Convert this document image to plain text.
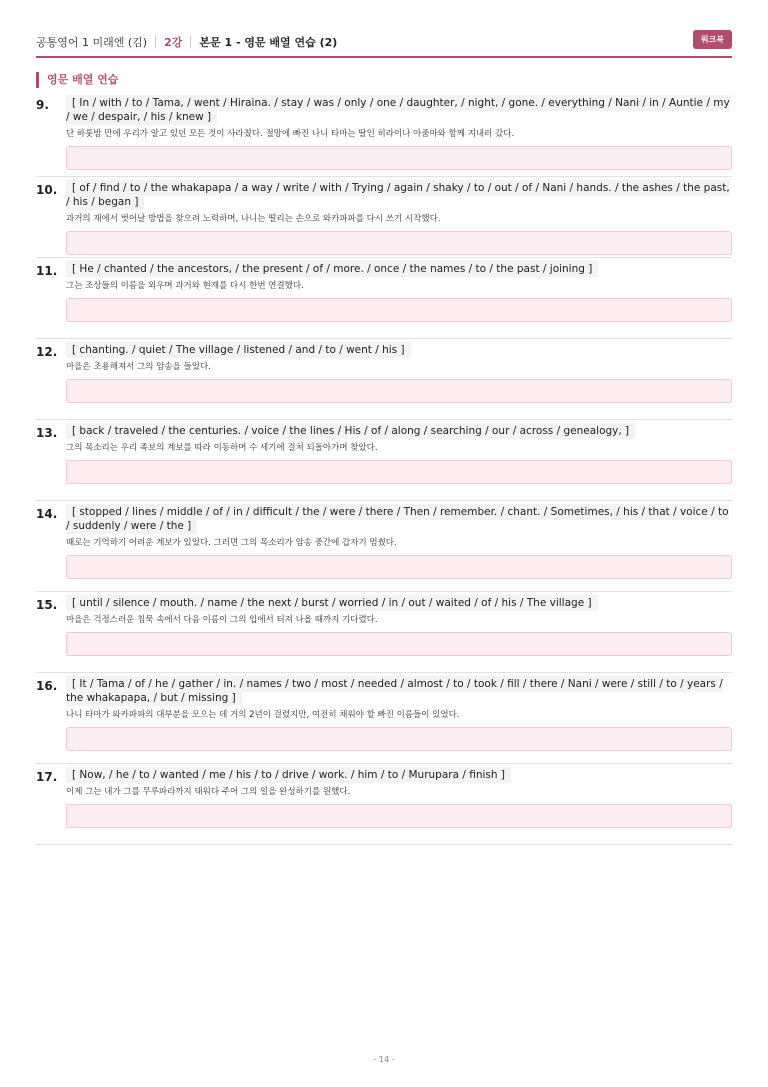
공통영어 1 미래엔 (김) 2강 본문 1 - 영문 배열 연습 (2)	워크북
영문 배열 연습
9.	[ In / with / to / Tama, / went / Hiraina. / stay / was / only / one / daughter, / night, / gone. / everything / Nani / in / Auntie / my / we / despair, / his / knew ]
단 하룻밤 만에 우리가 알고 있던 모든 것이 사라졌다. 절망에 빠진 나니 타마는 딸인 히라이나 아줌마와 함께 지내러 갔다.
10.	[ of / find / to / the whakapapa / a way / write / with / Trying / again / shaky / to / out / of / Nani / hands. / the ashes / the past, / his / began ]
과거의 재에서 벗어날 방법을 찾으려 노력하며, 나니는 떨리는 손으로 와카파파를 다시 쓰기 시작했다.
11.	[ He / chanted / the ancestors, / the present / of / more. / once / the names / to / the past / joining ]
그는 조상들의 이름을 외우며 과거와 현재를 다시 한번 연결했다.
12.	[ chanting. / quiet / The village / listened / and / to / went / his ]
마을은 조용해져서 그의 암송을 들었다.
13.	[ back / traveled / the centuries. / voice / the lines / His / of / along / searching / our / across / genealogy, ]
그의 목소리는 우리 족보의 계보를 따라 이동하며 수 세기에 걸쳐 되돌아가며 찾았다.
14.	[ stopped / lines / middle / of / in / difficult / the / were / there / Then / remember. / chant. / Sometimes, / his / that / voice / to / suddenly / were / the ]
때로는 기억하기 어려운 계보가 있었다. 그러면 그의 목소리가 암송 중간에 갑자기 멈췄다.
15.	[ until / silence / mouth. / name / the next / burst / worried / in / out / waited / of / his / The village ]
마을은 걱정스러운 침묵 속에서 다음 이름이 그의 입에서 터져 나올 때까지 기다렸다.
16.	[ It / Tama / of / he / gather / in. / names / two / most / needed / almost / to / took / fill / there / Nani / were / still / to / years / the whakapapa, / but / missing ]
나니 타마가 와카파파의 대부분을 모으는 데 거의 2년이 걸렸지만, 여전히 채워야 할 빠진 이름들이 있었다.
17.	[ Now, / he / to / wanted / me / his / to / drive / work. / him / to / Murupara / finish ]
이제 그는 내가 그를 무루파라까지 태워다 주어 그의 일을 완성하기를 원했다.
- 14 -
